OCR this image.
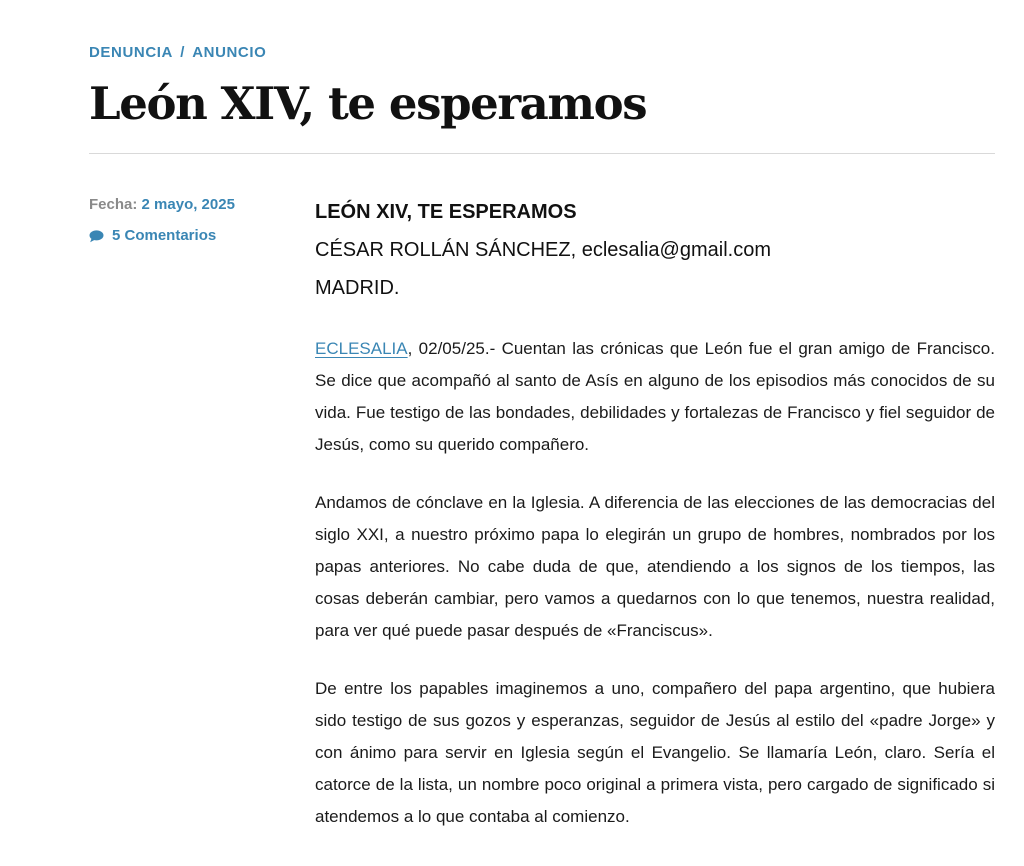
DENUNCIA / ANUNCIO
León XIV, te esperamos
Fecha: 2 mayo, 2025
5 Comentarios
LEÓN XIV, TE ESPERAMOS
CÉSAR ROLLÁN SÁNCHEZ, eclesalia@gmail.com
MADRID.

ECLESALIA, 02/05/25.- Cuentan las crónicas que León fue el gran amigo de Francisco. Se dice que acompañó al santo de Asís en alguno de los episodios más conocidos de su vida. Fue testigo de las bondades, debilidades y fortalezas de Francisco y fiel seguidor de Jesús, como su querido compañero.

Andamos de cónclave en la Iglesia. A diferencia de las elecciones de las democracias del siglo XXI, a nuestro próximo papa lo elegirán un grupo de hombres, nombrados por los papas anteriores. No cabe duda de que, atendiendo a los signos de los tiempos, las cosas deberán cambiar, pero vamos a quedarnos con lo que tenemos, nuestra realidad, para ver qué puede pasar después de «Franciscus».

De entre los papables imaginemos a uno, compañero del papa argentino, que hubiera sido testigo de sus gozos y esperanzas, seguidor de Jesús al estilo del «padre Jorge» y con ánimo para servir en Iglesia según el Evangelio. Se llamaría León, claro. Sería el catorce de la lista, un nombre poco original a primera vista, pero cargado de significado si atendemos a lo que contaba al comienzo.
